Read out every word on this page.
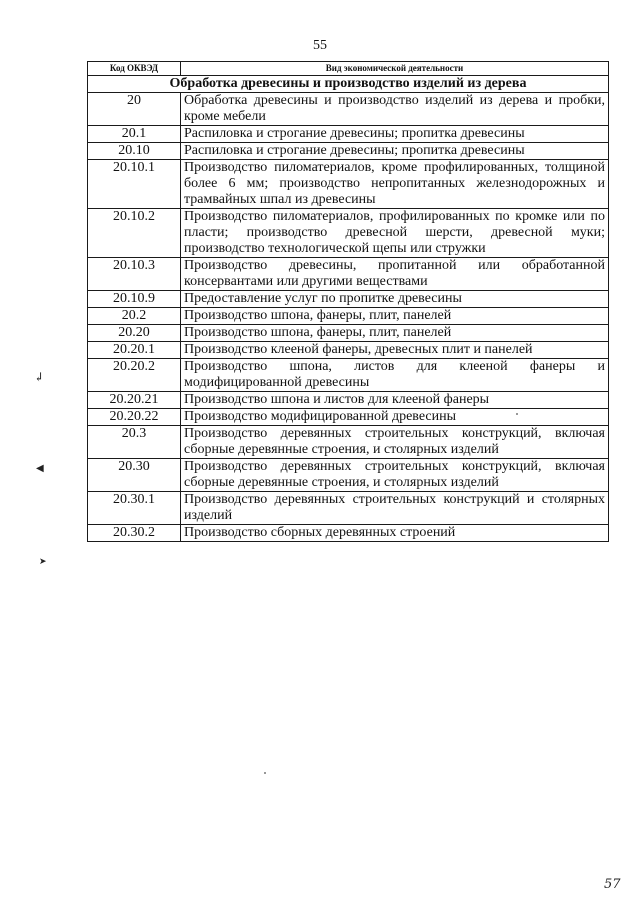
55
Код ОКВЭД	Вид экономической деятельности
Обработка древесины и производство изделий из дерева	
20	Обработка древесины и производство изделий из дерева и пробки, кроме мебели
20.1	Распиловка и строгание древесины; пропитка древесины
20.10	Распиловка и строгание древесины; пропитка древесины
20.10.1	Производство пиломатериалов, кроме профилированных, толщиной более 6 мм; производство непропитанных железнодорожных и трамвайных шпал из древесины
20.10.2	Производство пиломатериалов, профилированных по кромке или по пласти; производство древесной шерсти, древесной муки; производство технологической щепы или стружки
20.10.3	Производство древесины, пропитанной или обработанной консервантами или другими веществами
20.10.9	Предоставление услуг по пропитке древесины
20.2	Производство шпона, фанеры, плит, панелей
20.20	Производство шпона, фанеры, плит, панелей
20.20.1	Производство клееной фанеры, древесных плит и панелей
20.20.2	Производство шпона, листов для клееной фанеры и модифицированной древесины
20.20.21	Производство шпона и листов для клееной фанеры
20.20.22	Производство модифицированной древесины
20.3	Производство деревянных строительных конструкций, включая сборные деревянные строения, и столярных изделий
20.30	Производство деревянных строительных конструкций, включая сборные деревянные строения, и столярных изделий
20.30.1	Производство деревянных строительных конструкций и столярных изделий
20.30.2	Производство сборных деревянных строений
↲
◀
➤
57
